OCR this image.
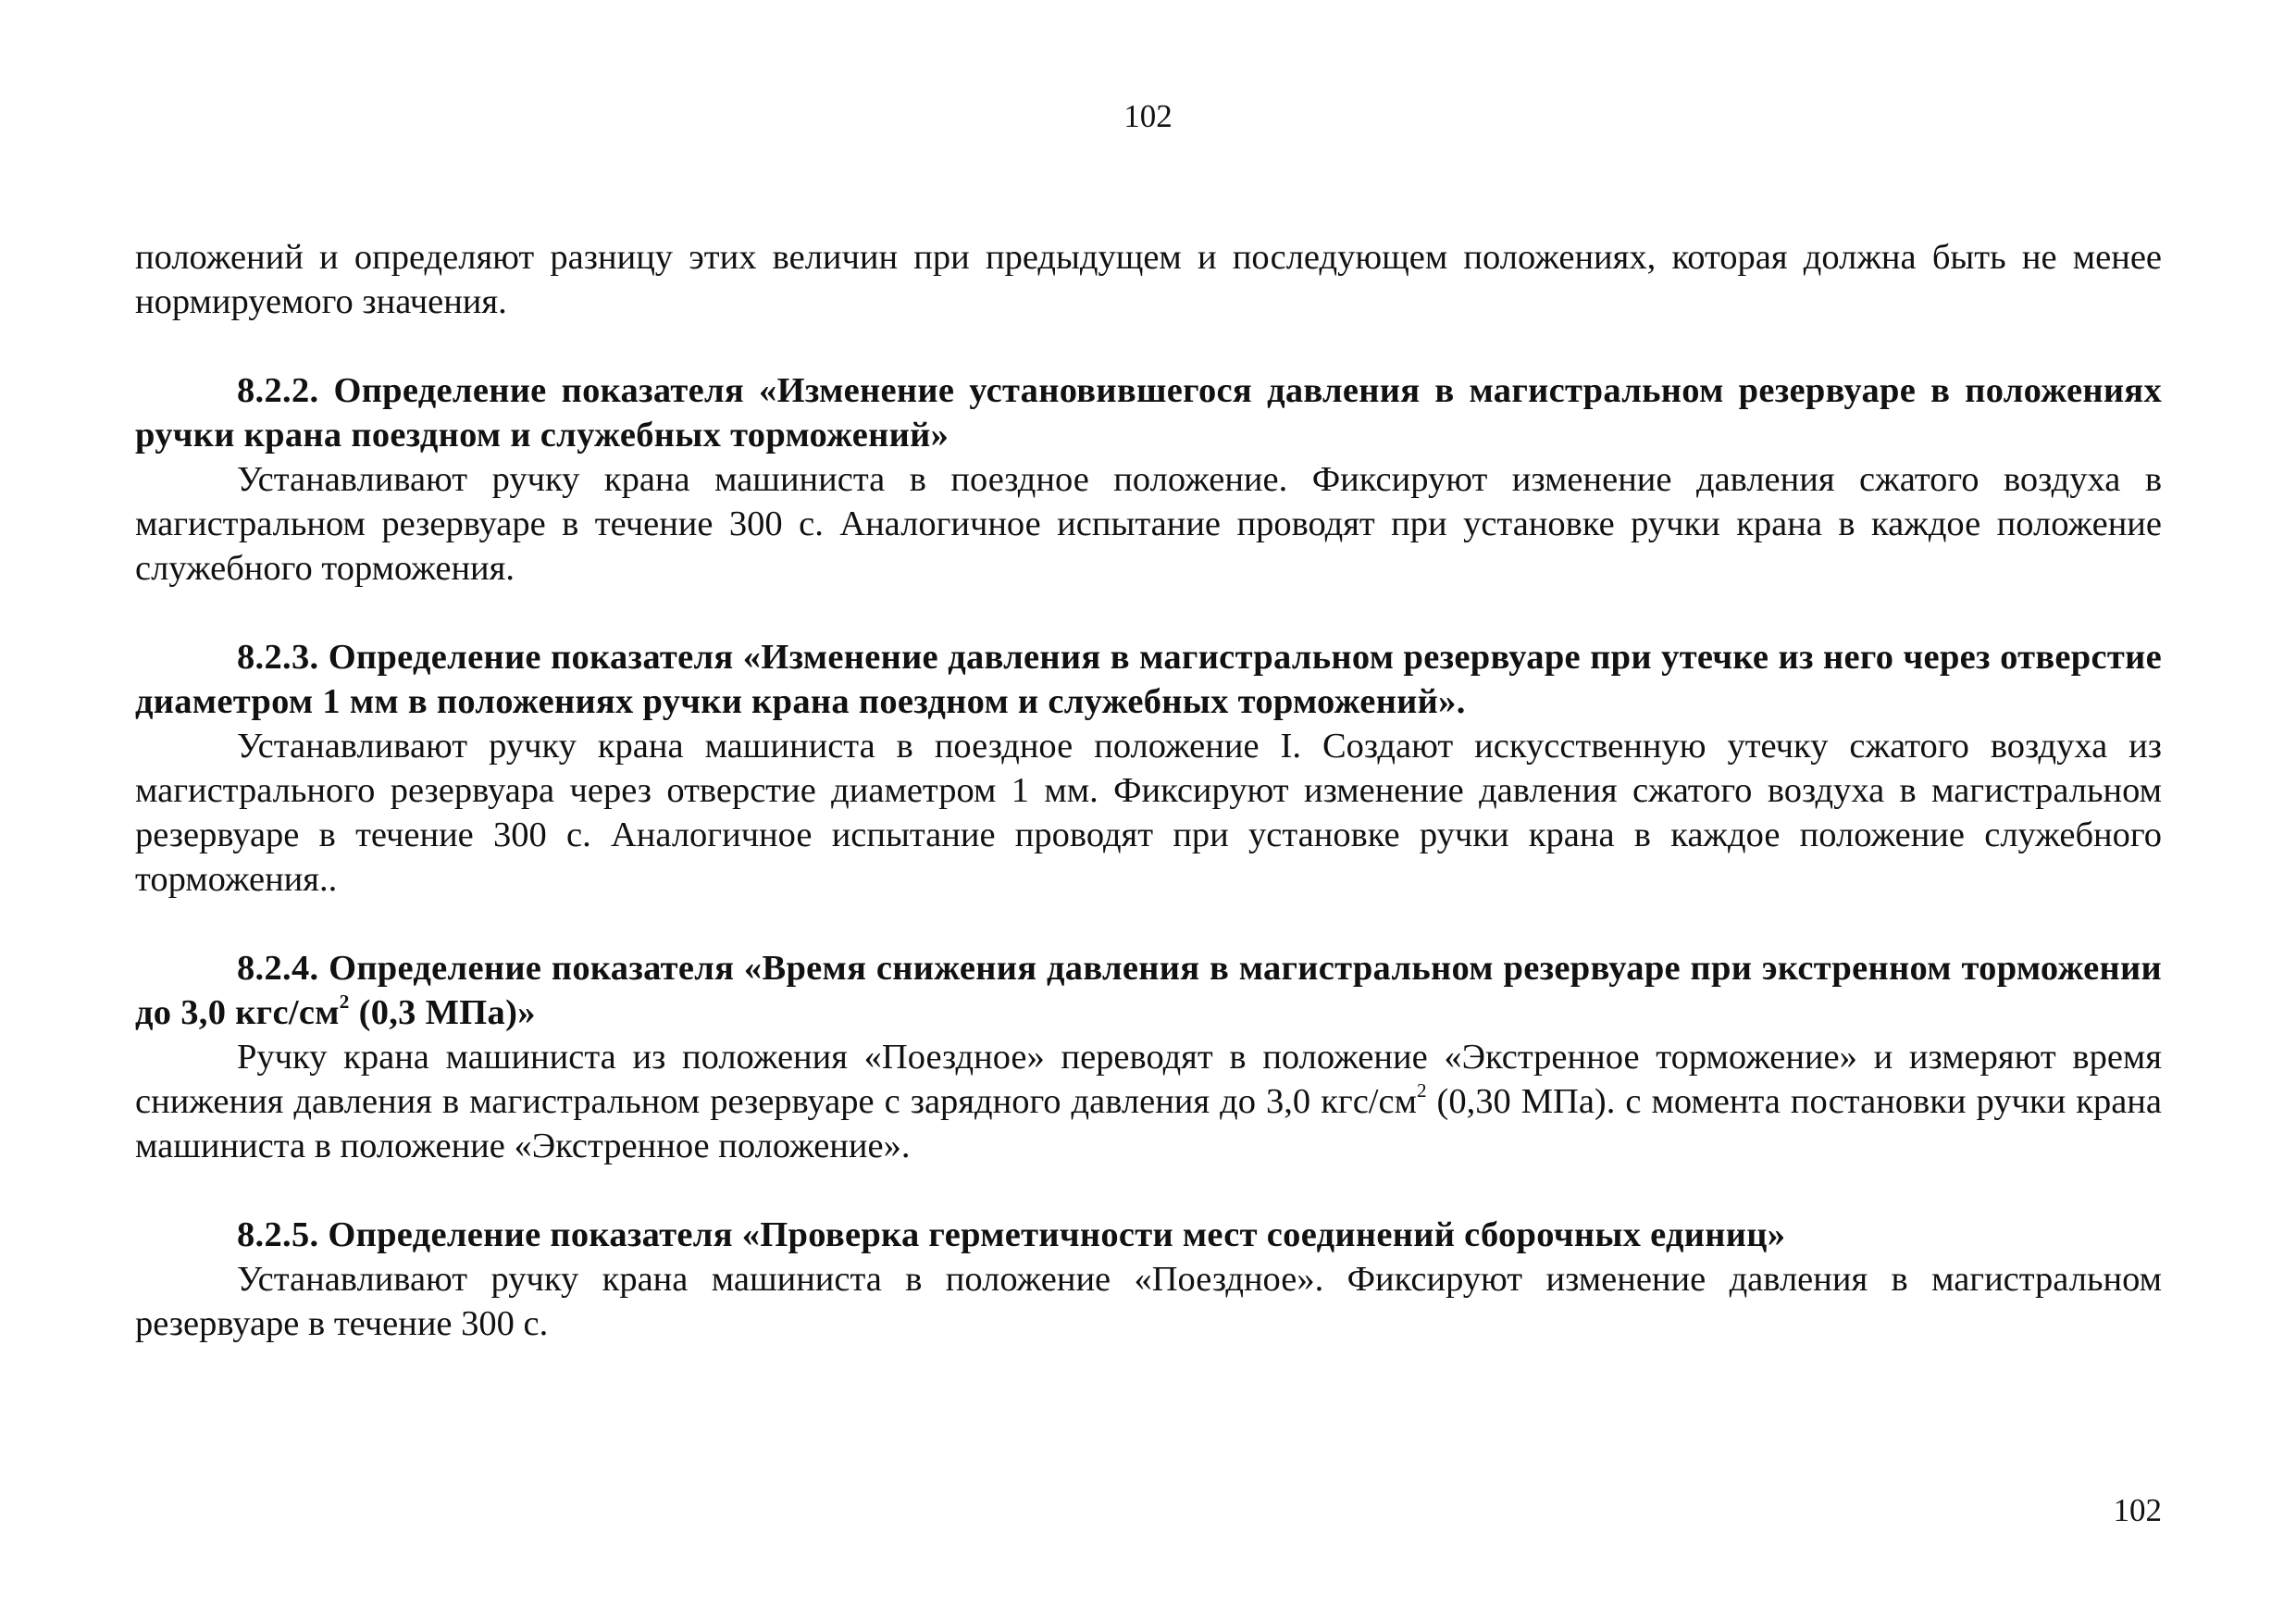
102

положений и определяют разницу этих величин при предыдущем и последующем положениях, которая должна быть не менее нормируемого значения.

8.2.2. Определение показателя «Изменение установившегося давления в магистральном резервуаре в положениях ручки крана поездном и служебных торможений»

Устанавливают ручку крана машиниста в поездное положение. Фиксируют изменение давления сжатого воздуха в магистральном резервуаре в течение 300 с. Аналогичное испытание проводят при установке ручки крана в каждое положение служебного торможения.

8.2.3. Определение показателя «Изменение давления в магистральном резервуаре при утечке из него через отверстие диаметром 1 мм в положениях ручки крана поездном и служебных торможений».

Устанавливают ручку крана машиниста в поездное положение I. Создают искусственную утечку сжатого воздуха из магистрального резервуара через отверстие диаметром 1 мм. Фиксируют изменение давления сжатого воздуха в магистральном резервуаре в течение 300 с. Аналогичное испытание проводят при установке ручки крана в каждое положение служебного торможения..

8.2.4. Определение показателя «Время снижения давления в магистральном резервуаре при экстренном торможении до 3,0 кгс/$см^2$ (0,3 МПа)»

Ручку крана машиниста из положения «Поездное» переводят в положение «Экстренное торможение» и измеряют время снижения давления в магистральном резервуаре с зарядного давления до 3,0 кгс/$см^2$ (0,30 МПа). с момента постановки ручки крана машиниста в положение «Экстренное положение».

8.2.5. Определение показателя «Проверка герметичности мест соединений сборочных единиц»

Устанавливают ручку крана машиниста в положение «Поездное». Фиксируют изменение давления в магистральном резервуаре в течение 300 с.

102
